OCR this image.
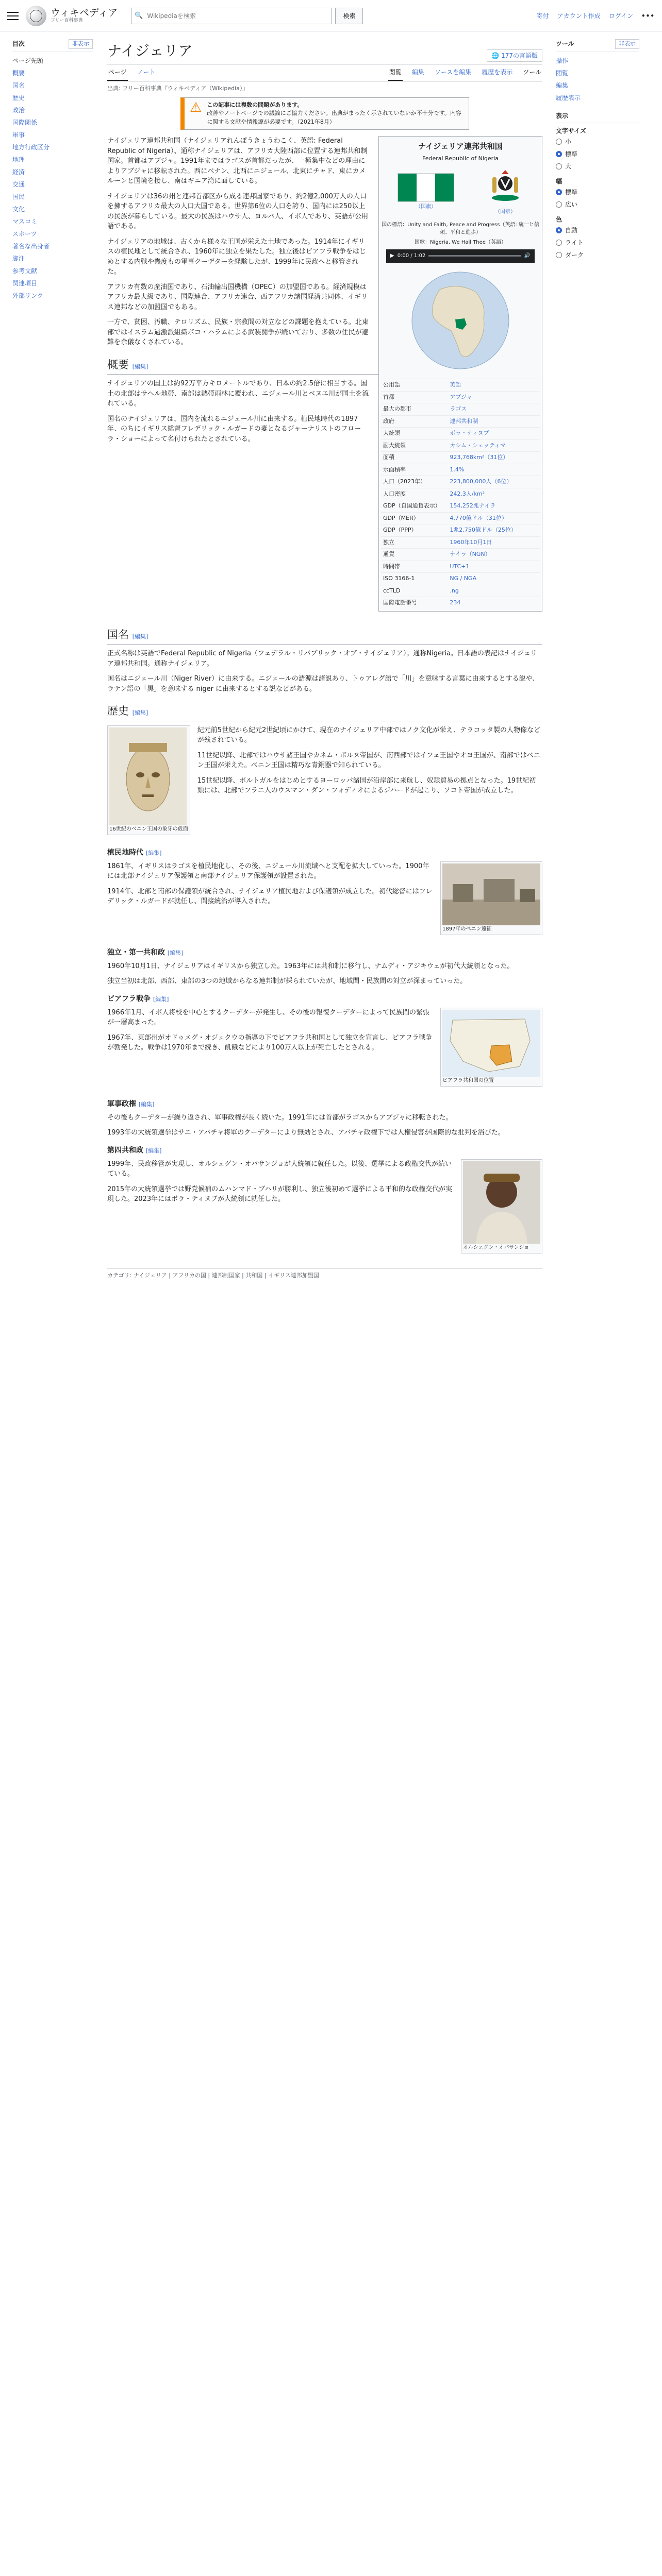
ウィキペディア
フリー百科事典
🔍
Wikipediaを検索	検索	寄付 アカウント作成 ログイン •••
目次	非表示
ページ先頭
概要
国名
歴史
政治
国際関係
軍事
地方行政区分
地理
経済
交通
国民
文化
マスコミ
スポーツ
著名な出身者
脚注
参考文献
関連項目
外部リンク
ナイジェリア	🌐 177の言語版
ページ ノート	閲覧 編集 ソースを編集 履歴を表示 ツール
出典: フリー百科事典『ウィキペディア（Wikipedia）』
⚠ この記事には複数の問題があります。
改善やノートページでの議論にご協力ください。出典がまったく示されていないか不十分です。内容に関する文献や情報源が必要です。（2021年8月）
ナイジェリア連邦共和国
Federal Republic of Nigeria
（国旗）
（国章）
国の標語：Unity and Faith, Peace and Progress（英語: 統一と信頼、平和と進歩）
国歌：Nigeria, We Hail Thee（英語）
▶ 0:00 / 1:02	🔊
公用語	英語
首都	アブジャ
最大の都市	ラゴス
政府	連邦共和制
大統領	ボラ・ティヌブ
副大統領	カシム・シェッティマ
面積	923,768km²（31位）
水面積率	1.4%
人口（2023年）	223,800,000人（6位）
人口密度	242.3人/km²
GDP（自国通貨表示）	154,252兆ナイラ
GDP（MER）	4,770億ドル（31位）
GDP（PPP）	1兆2,750億ドル（25位）
独立	1960年10月1日
通貨	ナイラ（NGN）
時間帯	UTC+1
ISO 3166-1	NG / NGA
ccTLD	.ng
国際電話番号	234

ナイジェリア連邦共和国（ナイジェリアれんぽうきょうわこく、英語: Federal Republic of Nigeria）、通称ナイジェリアは、アフリカ大陸西部に位置する連邦共和制国家。首都はアブジャ。1991年まではラゴスが首都だったが、一極集中などの理由によりアブジャに移転された。西にベナン、北西にニジェール、北東にチャド、東にカメルーンと国境を接し、南はギニア湾に面している。

ナイジェリアは36の州と連邦首都区から成る連邦国家であり、約2億2,000万人の人口を擁するアフリカ最大の人口大国である。世界第6位の人口を誇り、国内には250以上の民族が暮らしている。最大の民族はハウサ人、ヨルバ人、イボ人であり、英語が公用語である。

ナイジェリアの地域は、古くから様々な王国が栄えた土地であった。1914年にイギリスの植民地として統合され、1960年に独立を果たした。独立後はビアフラ戦争をはじめとする内戦や幾度もの軍事クーデターを経験したが、1999年に民政へと移管された。

アフリカ有数の産油国であり、石油輸出国機構（OPEC）の加盟国である。経済規模はアフリカ最大級であり、国際連合、アフリカ連合、西アフリカ諸国経済共同体、イギリス連邦などの加盟国でもある。

一方で、貧困、汚職、テロリズム、民族・宗教間の対立などの課題を抱えている。北東部ではイスラム過激派組織ボコ・ハラムによる武装闘争が続いており、多数の住民が避難を余儀なくされている。

概要 [編集]

ナイジェリアの国土は約92万平方キロメートルであり、日本の約2.5倍に相当する。国土の北部はサヘル地帯、南部は熱帯雨林に覆われ、ニジェール川とベヌエ川が国土を流れている。

国名のナイジェリアは、国内を流れるニジェール川に由来する。植民地時代の1897年、のちにイギリス総督フレデリック・ルガードの妻となるジャーナリストのフローラ・ショーによって名付けられたとされている。

国名 [編集]

正式名称は英語でFederal Republic of Nigeria（フェデラル・リパブリック・オブ・ナイジェリア）。通称Nigeria。日本語の表記はナイジェリア連邦共和国。通称ナイジェリア。

国名はニジェール川（Niger River）に由来する。ニジェールの語源は諸説あり、トゥアレグ語で「川」を意味する言葉に由来するとする説や、ラテン語の「黒」を意味する niger に由来するとする説などがある。

歴史 [編集]
16世紀のベニン王国の象牙の仮面

紀元前5世紀から紀元2世紀頃にかけて、現在のナイジェリア中部ではノク文化が栄え、テラコッタ製の人物像などが残されている。

11世紀以降、北部ではハウサ諸王国やカネム・ボルヌ帝国が、南西部ではイフェ王国やオヨ王国が、南部ではベニン王国が栄えた。ベニン王国は精巧な青銅器で知られている。

15世紀以降、ポルトガルをはじめとするヨーロッパ諸国が沿岸部に来航し、奴隷貿易の拠点となった。19世紀初頭には、北部でフラニ人のウスマン・ダン・フォディオによるジハードが起こり、ソコト帝国が成立した。

植民地時代 [編集]
1897年のベニン遠征

1861年、イギリスはラゴスを植民地化し、その後、ニジェール川流域へと支配を拡大していった。1900年には北部ナイジェリア保護領と南部ナイジェリア保護領が設置された。

1914年、北部と南部の保護領が統合され、ナイジェリア植民地および保護領が成立した。初代総督にはフレデリック・ルガードが就任し、間接統治が導入された。

独立・第一共和政 [編集]

1960年10月1日、ナイジェリアはイギリスから独立した。1963年には共和制に移行し、ナムディ・アジキウェが初代大統領となった。

独立当初は北部、西部、東部の3つの地域からなる連邦制が採られていたが、地域間・民族間の対立が深まっていった。

ビアフラ戦争 [編集]
ビアフラ共和国の位置

1966年1月、イボ人将校を中心とするクーデターが発生し、その後の報復クーデターによって民族間の緊張が一層高まった。

1967年、東部州がオドゥメグ・オジュクウの指導の下でビアフラ共和国として独立を宣言し、ビアフラ戦争が勃発した。戦争は1970年まで続き、飢餓などにより100万人以上が死亡したとされる。

軍事政権 [編集]

その後もクーデターが繰り返され、軍事政権が長く続いた。1991年には首都がラゴスからアブジャに移転された。

1993年の大統領選挙はサニ・アバチャ将軍のクーデターにより無効とされ、アバチャ政権下では人権侵害が国際的な批判を浴びた。

第四共和政 [編集]
オルシェグン・オバサンジョ

1999年、民政移管が実現し、オルシェグン・オバサンジョが大統領に就任した。以後、選挙による政権交代が続いている。

2015年の大統領選挙では野党候補のムハンマド・ブハリが勝利し、独立後初めて選挙による平和的な政権交代が実現した。2023年にはボラ・ティヌブが大統領に就任した。

カテゴリ: ナイジェリア | アフリカの国 | 連邦制国家 | 共和国 | イギリス連邦加盟国
ツール	非表示
操作
閲覧
編集
履歴表示
表示
文字サイズ
小
標準
大
幅
標準
広い
色
自動
ライト
ダーク
